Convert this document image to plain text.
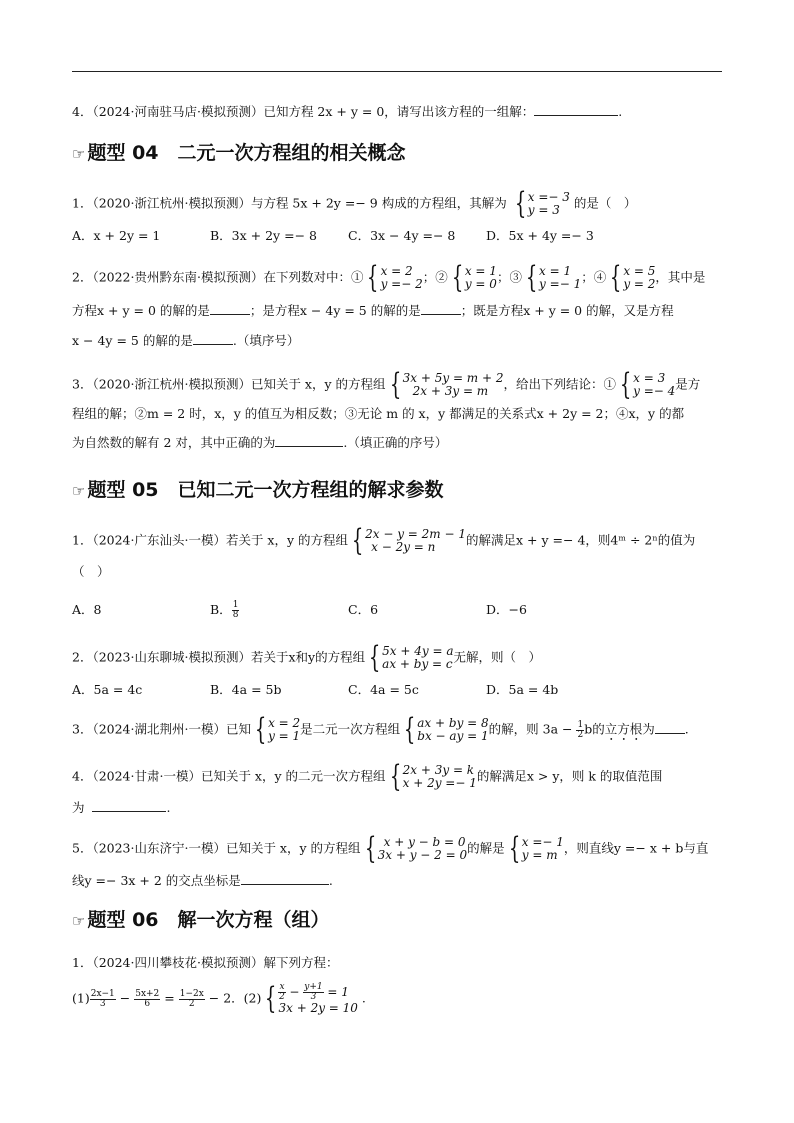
4．（2024·河南驻马店·模拟预测）已知方程 2x + y = 0，请写出该方程的一组解：	.
☞ 题型 04　二元一次方程组的相关概念
1．（2020·浙江杭州·模拟预测）与方程 5x + 2y =− 9 构成的方程组，其解为 { x =− 3
y = 3	的是（　）
A．x + 2y = 1	B．3x + 2y =− 8 C．3x − 4y =− 8 D．5x + 4y =− 3
2．（2022·贵州黔东南·模拟预测）在下列数对中：① { x = 2
y =− 2 ；② { x = 1
y = 0 ；③ { x = 1
y =− 1 ；④ { x = 5
y = 2 ，其中是
方程x + y = 0 的解的是	；是方程x − 4y = 5 的解的是	；既是方程x + y = 0 的解，又是方程
x − 4y = 5 的解的是	.（填序号）
3．（2020·浙江杭州·模拟预测）已知关于 x，y 的方程组 { 3x + 5y = m + 2
2x + 3y = m	，给出下列结论：① { x = 3
y =− 4 是方
程组的解；②m = 2 时，x，y 的值互为相反数；③无论 m 的 x，y 都满足的关系式x + 2y = 2；④x，y 的都
为自然数的解有 2 对，其中正确的为	.（填正确的序号）
☞ 题型 05　已知二元一次方程组的解求参数
1．（2024·广东汕头·一模）若关于 x，y 的方程组 { 2x − y = 2m − 1
x − 2y = n	的解满足x + y =− 4，则4ᵐ ÷ 2ⁿ的值为
（　）
A．8	B． $\frac{1}{8}$	C．6	D．−6
2．（2023·山东聊城·模拟预测）若关于x和y的方程组 { 5x + 4y = a
ax + by = c 无解，则（　）
A．5a = 4c	B．4a = 5b	C．4a = 5c	D．5a = 4b
3．（2024·湖北荆州·一模）已知 { x = 2
y = 1 是二元一次方程组 { ax + by = 8
bx − ay = 1 的解，则 $3a - \frac{1}{2}$ b的立方根为 .
4．（2024·甘肃·一模）已知关于 x，y 的二元一次方程组 { 2x + 3y = k
x + 2y =− 1 的解满足x > y，则 k 的取值范围
为	.
5．（2023·山东济宁·一模）已知关于 x，y 的方程组 { x + y − b = 0
3x + y − 2 = 0 的解是 { x =− 1
y = m ，则直线y =− x + b与直
线y =− 3x + 2 的交点坐标是	.
☞ 题型 06　解一次方程（组）
1．（2024·四川攀枝花·模拟预测）解下列方程：
$(1) \frac{2x-1}{3} - \frac{5x+2}{6} = \frac{1-2x}{2} - 2$．(2) { $\frac{x}{2} - \frac{y+1}{3} = 1$
3x + 2y = 10
.
